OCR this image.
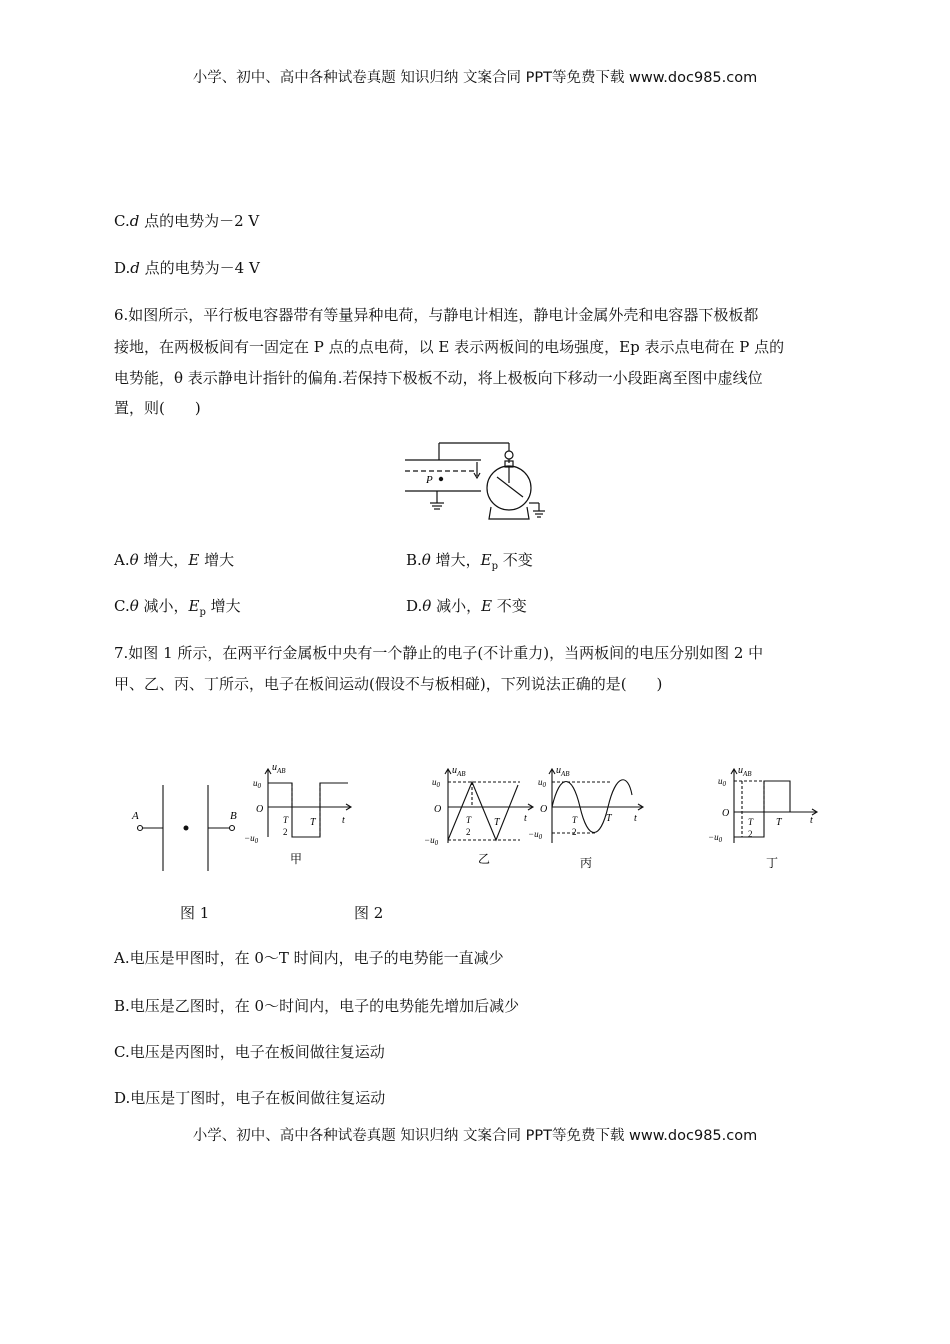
小学、初中、高中各种试卷真题 知识归纳 文案合同 PPT等免费下载 www.doc985.com
C.d 点的电势为－2 V
D.d 点的电势为－4 V
6.如图所示，平行板电容器带有等量异种电荷，与静电计相连，静电计金属外壳和电容器下极板都
接地，在两极板间有一固定在 P 点的点电荷，以 E 表示两板间的电场强度，Ep 表示点电荷在 P 点的
电势能，θ 表示静电计指针的偏角.若保持下极板不动，将上极板向下移动一小段距离至图中虚线位
置，则(　　)
P
A.θ 增大，E 增大	B.θ 增大，$E_p$ 不变
C.θ 减小，$E_p$ 增大	D.θ 减小，E 不变
7.如图 1 所示，在两平行金属板中央有一个静止的电子(不计重力)，当两板间的电压分别如图 2 中
甲、乙、丙、丁所示，电子在板间运动(假设不与板相碰)，下列说法正确的是(　　)
A	B
$u_{AB}$
$u_0$
O
$-u_0$
T
2
T	t
甲
$u_{AB}$
$u_0$
O
$-u_0$
T
2
T t
乙
$u_{AB}$
$u_0$
O
$-u_0$
T
2
T t
丙
$u_{AB}$
$u_0$
O
$-u_0$
T
2
T	t
丁
图 1	图 2
A.电压是甲图时，在 0～T 时间内，电子的电势能一直减少
B.电压是乙图时，在 0～时间内，电子的电势能先增加后减少
C.电压是丙图时，电子在板间做往复运动
D.电压是丁图时，电子在板间做往复运动
小学、初中、高中各种试卷真题 知识归纳 文案合同 PPT等免费下载 www.doc985.com
